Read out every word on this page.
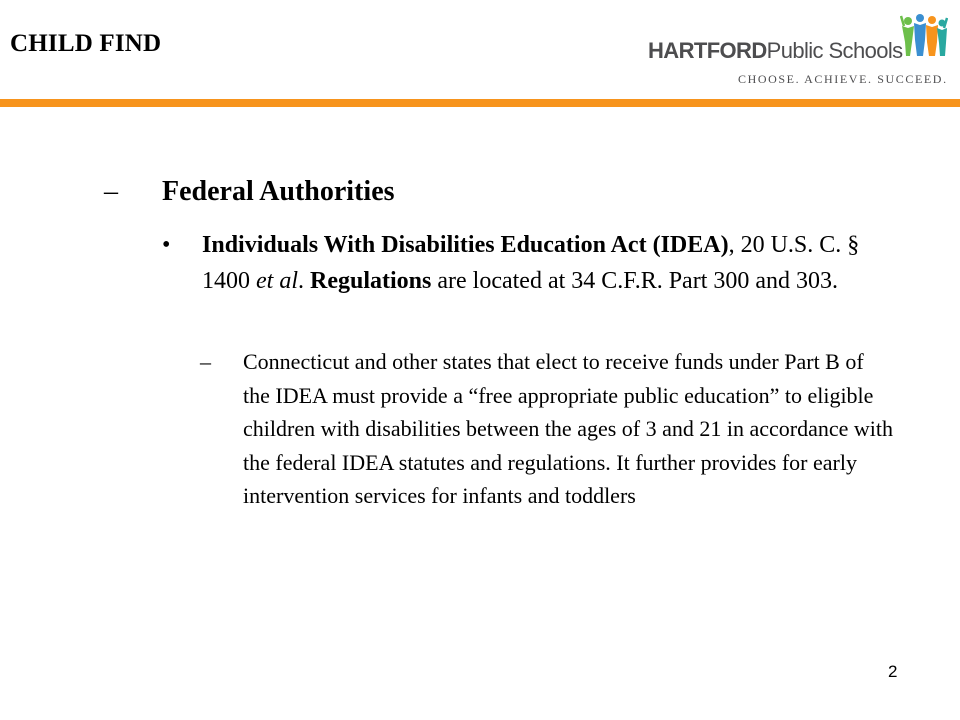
CHILD FIND	HARTFORDPublic Schools
CHOOSE. ACHIEVE. SUCCEED.
– Federal Authorities
• Individuals With Disabilities Education Act (IDEA), 20 U.S. C. § 1400 et al. Regulations are located at 34 C.F.R. Part 300 and 303.
– Connecticut and other states that elect to receive funds under Part B of the IDEA must provide a “free appropriate public education” to eligible children with disabilities between the ages of 3 and 21 in accordance with the federal IDEA statutes and regulations. It further provides for early intervention services for infants and toddlers
2
